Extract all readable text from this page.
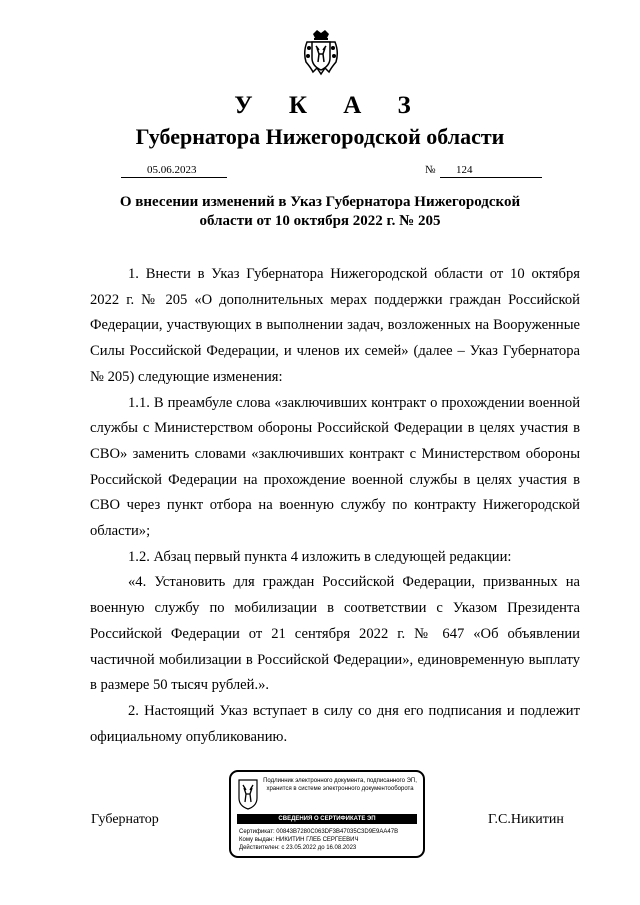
У К А З
Губернатора Нижегородской области
05.06.2023	№	124
О внесении изменений в Указ Губернатора Нижегородской
области от 10 октября 2022 г. № 205

1. Внести в Указ Губернатора Нижегородской области от 10 октября 2022 г. № 205 «О дополнительных мерах поддержки граждан Российской Федерации, участвующих в выполнении задач, возложенных на Вооруженные Силы Российской Федерации, и членов их семей» (далее – Указ Губернатора № 205) следующие изменения:

1.1. В преамбуле слова «заключивших контракт о прохождении военной службы с Министерством обороны Российской Федерации в целях участия в СВО» заменить словами «заключивших контракт с Министерством обороны Российской Федерации на прохождение военной службы в целях участия в СВО через пункт отбора на военную службу по контракту Нижегородской области»;

1.2. Абзац первый пункта 4 изложить в следующей редакции:

«4. Установить для граждан Российской Федерации, призванных на военную службу по мобилизации в соответствии с Указом Президента Российской Федерации от 21 сентября 2022 г. № 647 «Об объявлении частичной мобилизации в Российской Федерации», единовременную выплату в размере 50 тысяч рублей.».

2. Настоящий Указ вступает в силу со дня его подписания и подлежит официальному опубликованию.

Губернатор	Г.С.Никитин
Подлинник электронного документа, подписанного ЭП, хранится в системе электронного документооборота
СВЕДЕНИЯ О СЕРТИФИКАТЕ ЭП
Сертификат: 00843B7280C063DF3B47035C3D9E9AA47B
Кому выдан: НИКИТИН ГЛЕБ СЕРГЕЕВИЧ
Действителен: с 23.05.2022 до 16.08.2023
